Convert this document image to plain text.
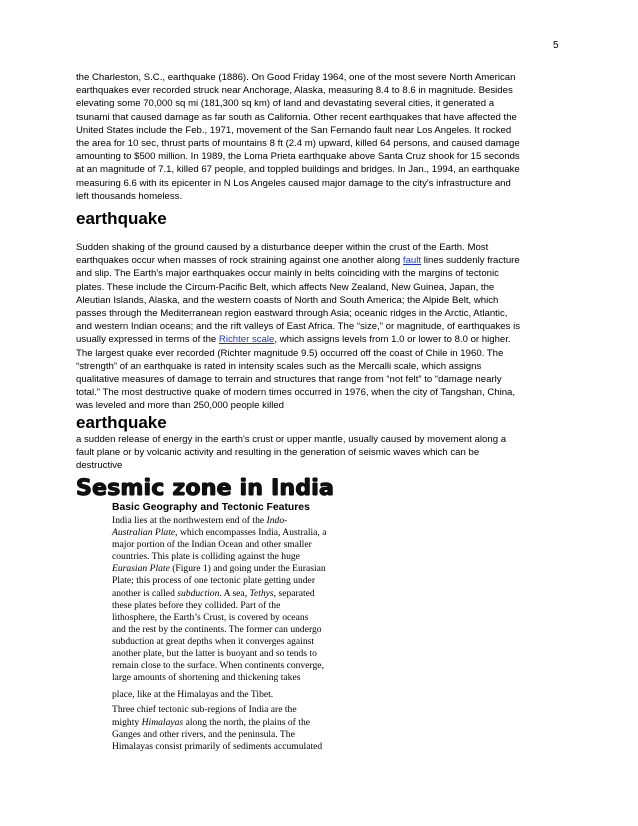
5

the Charleston, S.C., earthquake (1886). On Good Friday 1964, one of the most severe North American

earthquakes ever recorded struck near Anchorage, Alaska, measuring 8.4 to 8.6 in magnitude. Besides

elevating some 70,000 sq mi (181,300 sq km) of land and devastating several cities, it generated a

tsunami that caused damage as far south as California. Other recent earthquakes that have affected the

United States include the Feb., 1971, movement of the San Fernando fault near Los Angeles. It rocked

the area for 10 sec, thrust parts of mountains 8 ft (2.4 m) upward, killed 64 persons, and caused damage

amounting to $500 million. In 1989, the Loma Prieta earthquake above Santa Cruz shook for 15 seconds

at an magnitude of 7.1, killed 67 people, and toppled buildings and bridges. In Jan., 1994, an earthquake

measuring 6.6 with its epicenter in N Los Angeles caused major damage to the city's infrastructure and

left thousands homeless.

earthquake

Sudden shaking of the ground caused by a disturbance deeper within the crust of the Earth. Most

earthquakes occur when masses of rock straining against one another along fault lines suddenly fracture

and slip. The Earth's major earthquakes occur mainly in belts coinciding with the margins of tectonic

plates. These include the Circum-Pacific Belt, which affects New Zealand, New Guinea, Japan, the

Aleutian Islands, Alaska, and the western coasts of North and South America; the Alpide Belt, which

passes through the Mediterranean region eastward through Asia; oceanic ridges in the Arctic, Atlantic,

and western Indian oceans; and the rift valleys of East Africa. The “size,” or magnitude, of earthquakes is

usually expressed in terms of the Richter scale, which assigns levels from 1.0 or lower to 8.0 or higher.

The largest quake ever recorded (Richter magnitude 9.5) occurred off the coast of Chile in 1960. The

“strength” of an earthquake is rated in intensity scales such as the Mercalli scale, which assigns

qualitative measures of damage to terrain and structures that range from “not felt” to “damage nearly

total.” The most destructive quake of modern times occurred in 1976, when the city of Tangshan, China,

was leveled and more than 250,000 people killed

earthquake

a sudden release of energy in the earth's crust or upper mantle, usually caused by movement along a

fault plane or by volcanic activity and resulting in the generation of seismic waves which can be

destructive

Sesmic zone in India

Basic Geography and Tectonic Features

India lies at the northwestern end of the Indo-

Australian Plate, which encompasses India, Australia, a

major portion of the Indian Ocean and other smaller

countries. This plate is colliding against the huge

Eurasian Plate (Figure 1) and going under the Eurasian

Plate; this process of one tectonic plate getting under

another is called subduction. A sea, Tethys, separated

these plates before they collided. Part of the

lithosphere, the Earth’s Crust, is covered by oceans

and the rest by the continents. The former can undergo

subduction at great depths when it converges against

another plate, but the latter is buoyant and so tends to

remain close to the surface. When continents converge,

large amounts of shortening and thickening takes

place, like at the Himalayas and the Tibet.

Three chief tectonic sub-regions of India are the

mighty Himalayas along the north, the plains of the

Ganges and other rivers, and the peninsula. The

Himalayas consist primarily of sediments accumulated
